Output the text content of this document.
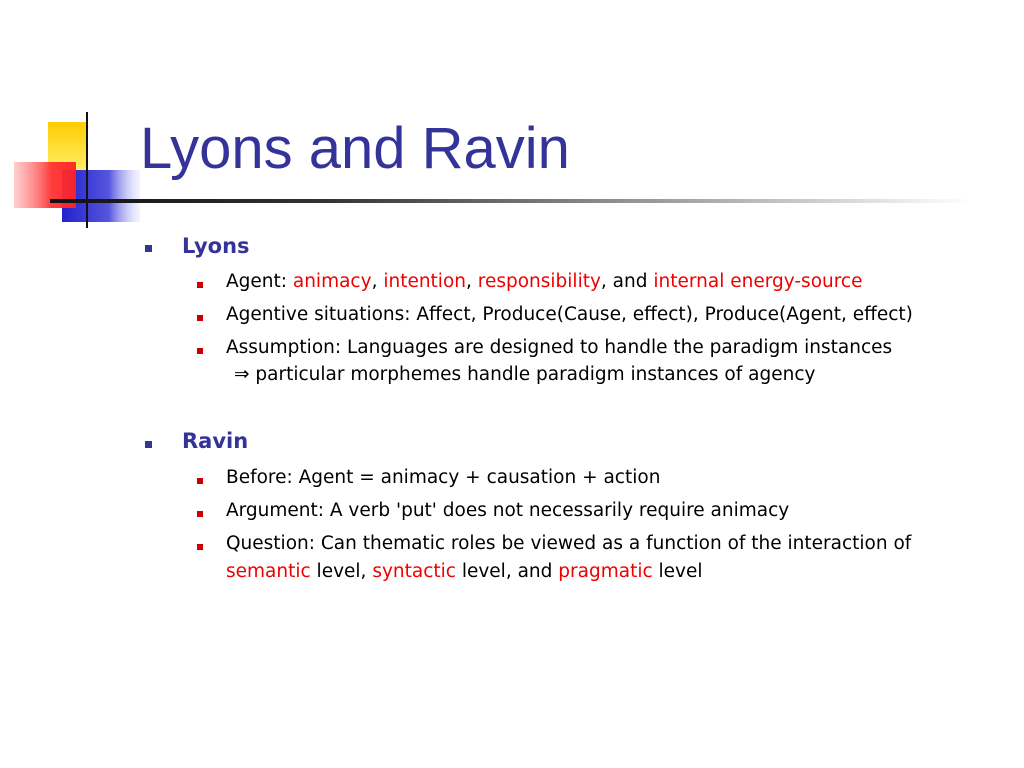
Lyons and Ravin
Lyons
Agent: animacy, intention, responsibility, and internal energy-source
Agentive situations: Affect, Produce(Cause, effect), Produce(Agent, effect)
Assumption: Languages are designed to handle the paradigm instances
⇒ particular morphemes handle paradigm instances of agency
Ravin
Before: Agent = animacy + causation + action
Argument: A verb 'put' does not necessarily require animacy
Question: Can thematic roles be viewed as a function of the interaction of
semantic level, syntactic level, and pragmatic level
